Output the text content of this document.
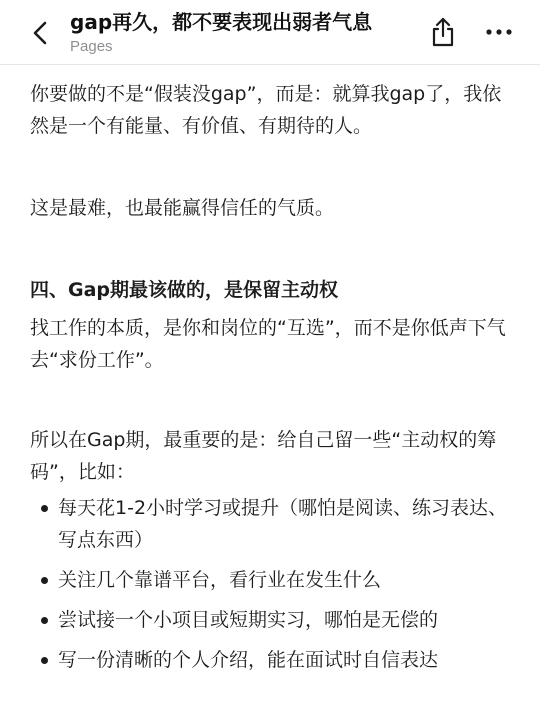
gap再久，都不要表现出弱者气息
Pages

你要做的不是“假装没gap”，而是：就算我gap了，我依然是一个有能量、有价值、有期待的人。

这是最难，也最能赢得信任的气质。

四、Gap期最该做的，是保留主动权

找工作的本质，是你和岗位的“互选”，而不是你低声下气去“求份工作”。

所以在Gap期，最重要的是：给自己留一些“主动权的筹码”，比如：

每天花1-2小时学习或提升（哪怕是阅读、练习表达、写点东西）
关注几个靠谱平台，看行业在发生什么
尝试接一个小项目或短期实习，哪怕是无偿的
写一份清晰的个人介绍，能在面试时自信表达
